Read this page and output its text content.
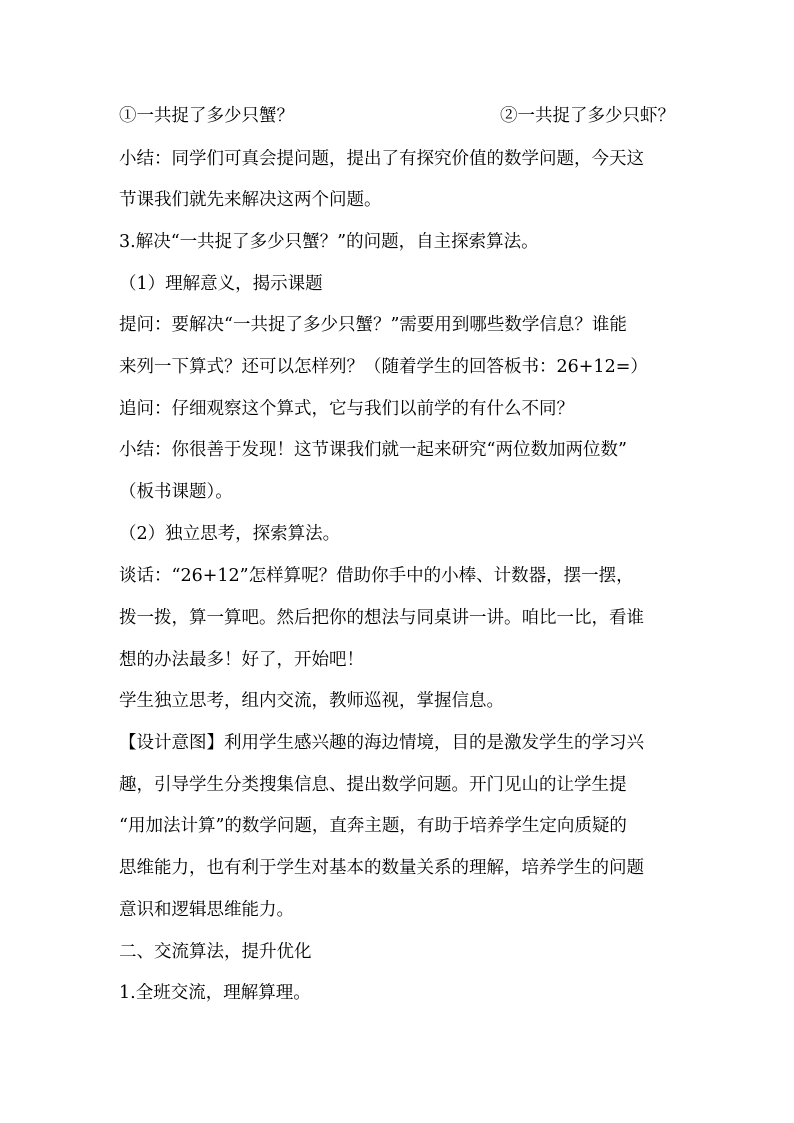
①一共捉了多少只蟹？	②一共捉了多少只虾？
小结：同学们可真会提问题，提出了有探究价值的数学问题，今天这
节课我们就先来解决这两个问题。
3.解决“一共捉了多少只蟹？”的问题，自主探索算法。
（1）理解意义，揭示课题
提问：要解决“一共捉了多少只蟹？”需要用到哪些数学信息？谁能
来列一下算式？还可以怎样列？（随着学生的回答板书：26+12=）
追问：仔细观察这个算式，它与我们以前学的有什么不同？
小结：你很善于发现！这节课我们就一起来研究“两位数加两位数”
（板书课题）。
（2）独立思考，探索算法。
谈话：“26+12”怎样算呢？借助你手中的小棒、计数器，摆一摆，
拨一拨，算一算吧。然后把你的想法与同桌讲一讲。咱比一比，看谁
想的办法最多！好了，开始吧！
学生独立思考，组内交流，教师巡视，掌握信息。
【设计意图】利用学生感兴趣的海边情境，目的是激发学生的学习兴
趣，引导学生分类搜集信息、提出数学问题。开门见山的让学生提
“用加法计算”的数学问题，直奔主题，有助于培养学生定向质疑的
思维能力，也有利于学生对基本的数量关系的理解，培养学生的问题
意识和逻辑思维能力。
二、交流算法，提升优化
1.全班交流，理解算理。
